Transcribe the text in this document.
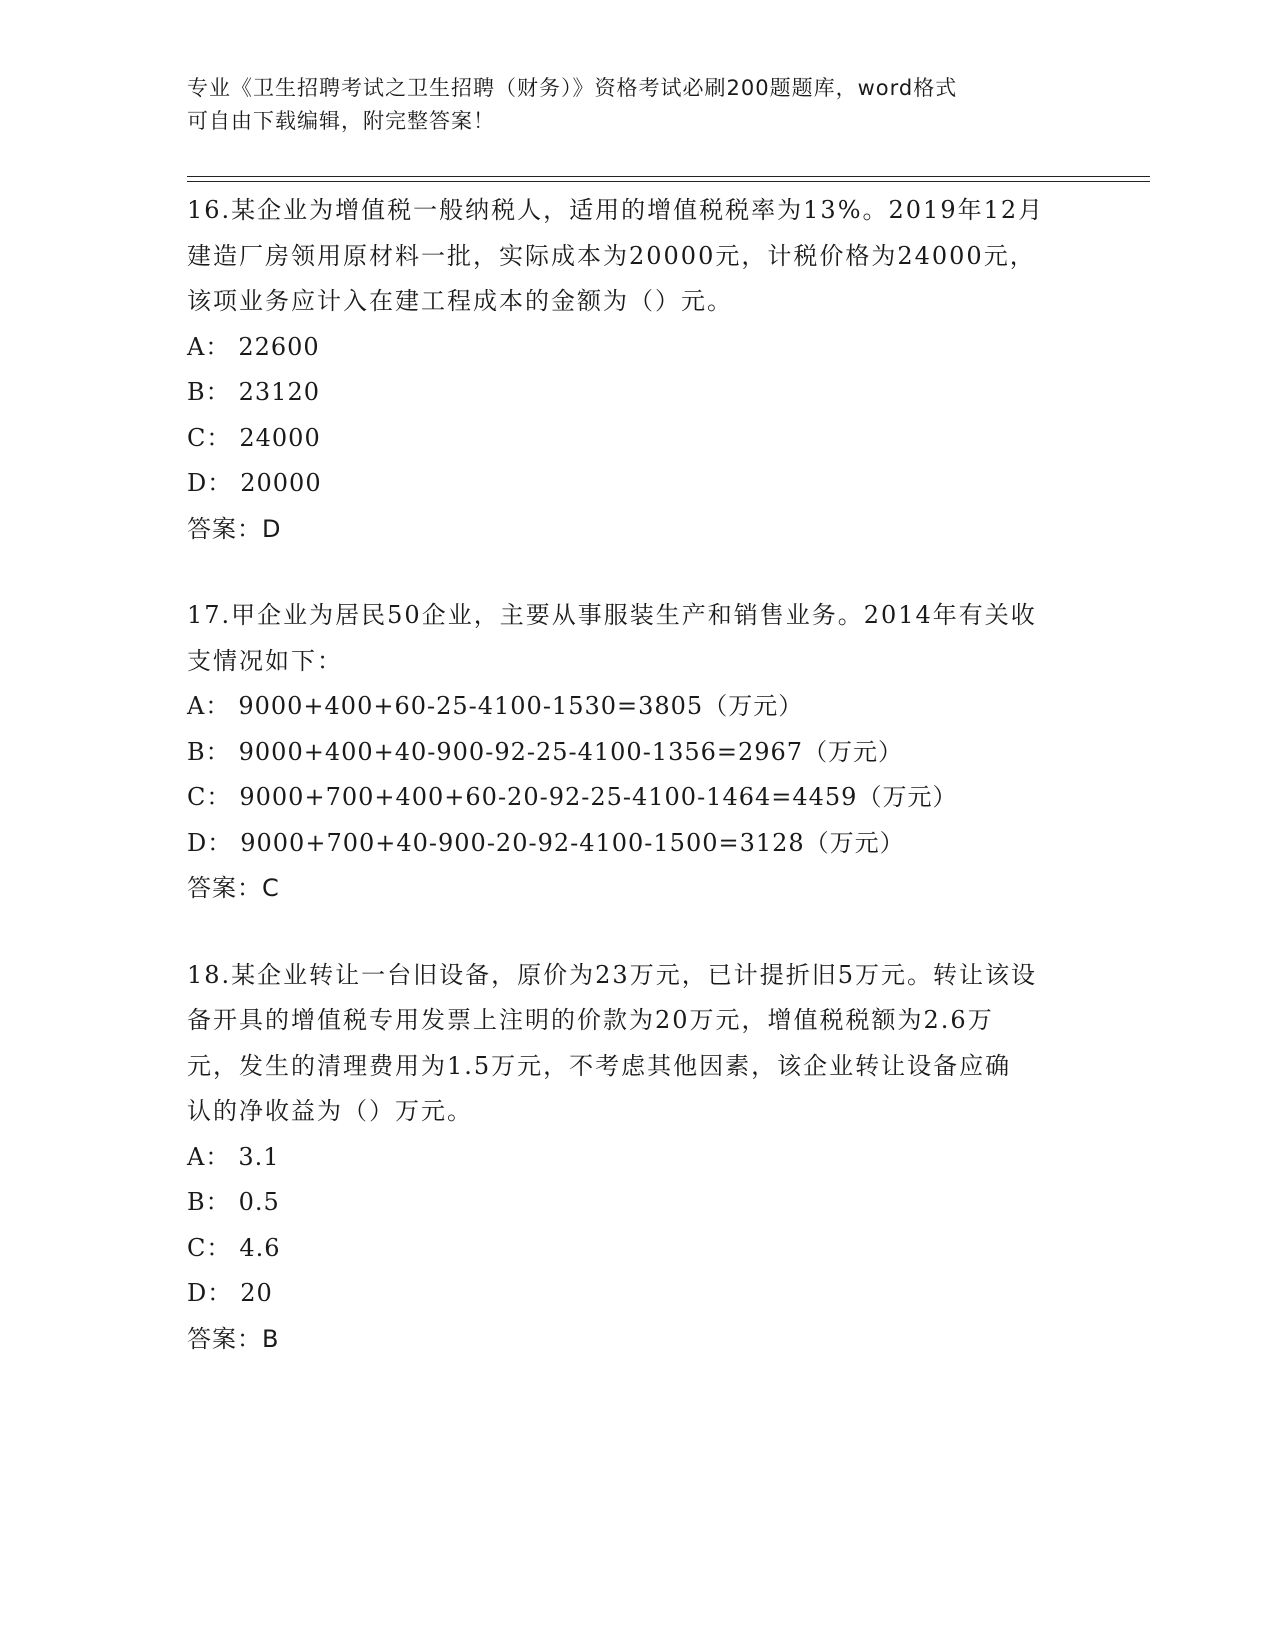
专业《卫生招聘考试之卫生招聘（财务）》资格考试必刷200题题库，word格式
可自由下载编辑，附完整答案！
16.某企业为增值税一般纳税人，适用的增值税税率为13%。2019年12月建造厂房领用原材料一批，实际成本为20000元，计税价格为24000元，该项业务应计入在建工程成本的金额为（）元。
A： 22600
B： 23120
C： 24000
D： 20000
答案：D
17.甲企业为居民50企业，主要从事服装生产和销售业务。2014年有关收支情况如下：
A： 9000+400+60-25-4100-1530=3805（万元）
B： 9000+400+40-900-92-25-4100-1356=2967（万元）
C： 9000+700+400+60-20-92-25-4100-1464=4459（万元）
D： 9000+700+40-900-20-92-4100-1500=3128（万元）
答案：C
18.某企业转让一台旧设备，原价为23万元，已计提折旧5万元。转让该设备开具的增值税专用发票上注明的价款为20万元，增值税税额为2.6万元，发生的清理费用为1.5万元，不考虑其他因素，该企业转让设备应确认的净收益为（）万元。
A： 3.1
B： 0.5
C： 4.6
D： 20
答案：B
